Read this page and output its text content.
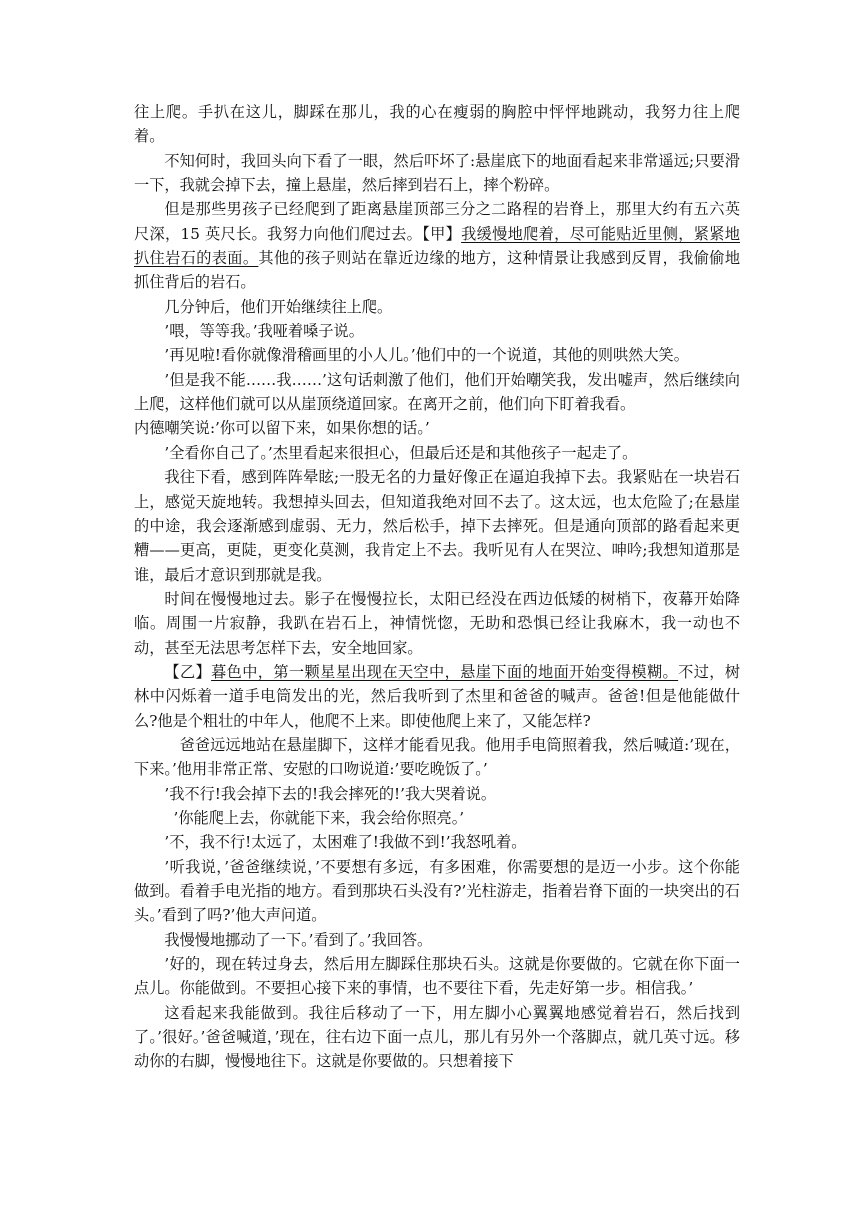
往上爬。手扒在这儿，脚踩在那儿，我的心在瘦弱的胸腔中怦怦地跳动，我努力往上爬着。

不知何时，我回头向下看了一眼，然后吓坏了:悬崖底下的地面看起来非常遥远;只要滑一下，我就会掉下去，撞上悬崖，然后摔到岩石上，摔个粉碎。

但是那些男孩子已经爬到了距离悬崖顶部三分之二路程的岩脊上，那里大约有五六英尺深，15 英尺长。我努力向他们爬过去。【甲】我缓慢地爬着，尽可能贴近里侧，紧紧地扒住岩石的表面。其他的孩子则站在靠近边缘的地方，这种情景让我感到反胃，我偷偷地抓住背后的岩石。

几分钟后，他们开始继续往上爬。

’喂，等等我。’我哑着嗓子说。

’再见啦!看你就像滑稽画里的小人儿。’他们中的一个说道，其他的则哄然大笑。

’但是我不能……我……’这句话刺激了他们，他们开始嘲笑我，发出嘘声，然后继续向上爬，这样他们就可以从崖顶绕道回家。在离开之前，他们向下盯着我看。

内德嘲笑说:’你可以留下来，如果你想的话。’

’全看你自己了。’杰里看起来很担心，但最后还是和其他孩子一起走了。

我往下看，感到阵阵晕眩;一股无名的力量好像正在逼迫我掉下去。我紧贴在一块岩石上，感觉天旋地转。我想掉头回去，但知道我绝对回不去了。这太远，也太危险了;在悬崖的中途，我会逐渐感到虚弱、无力，然后松手，掉下去摔死。但是通向顶部的路看起来更糟——更高，更陡，更变化莫测，我肯定上不去。我听见有人在哭泣、呻吟;我想知道那是谁，最后才意识到那就是我。

时间在慢慢地过去。影子在慢慢拉长，太阳已经没在西边低矮的树梢下，夜幕开始降临。周围一片寂静，我趴在岩石上，神情恍惚，无助和恐惧已经让我麻木，我一动也不动，甚至无法思考怎样下去，安全地回家。

【乙】暮色中，第一颗星星出现在天空中，悬崖下面的地面开始变得模糊。不过，树林中闪烁着一道手电筒发出的光，然后我听到了杰里和爸爸的喊声。爸爸!但是他能做什么?他是个粗壮的中年人，他爬不上来。即使他爬上来了，又能怎样?

爸爸远远地站在悬崖脚下，这样才能看见我。他用手电筒照着我，然后喊道:’现在，下来。’他用非常正常、安慰的口吻说道:’要吃晚饭了。’

’我不行!我会掉下去的!我会摔死的!’我大哭着说。

’你能爬上去，你就能下来，我会给你照亮。’

’不，我不行!太远了，太困难了!我做不到!’我怒吼着。

’听我说，’爸爸继续说，’不要想有多远，有多困难，你需要想的是迈一小步。这个你能做到。看着手电光指的地方。看到那块石头没有?’光柱游走，指着岩脊下面的一块突出的石头。’看到了吗?’他大声问道。

我慢慢地挪动了一下。’看到了。’我回答。

’好的，现在转过身去，然后用左脚踩住那块石头。这就是你要做的。它就在你下面一点儿。你能做到。不要担心接下来的事情，也不要往下看，先走好第一步。相信我。’

这看起来我能做到。我往后移动了一下，用左脚小心翼翼地感觉着岩石，然后找到了。’很好。’爸爸喊道，’现在，往右边下面一点儿，那儿有另外一个落脚点，就几英寸远。移动你的右脚，慢慢地往下。这就是你要做的。只想着接下
